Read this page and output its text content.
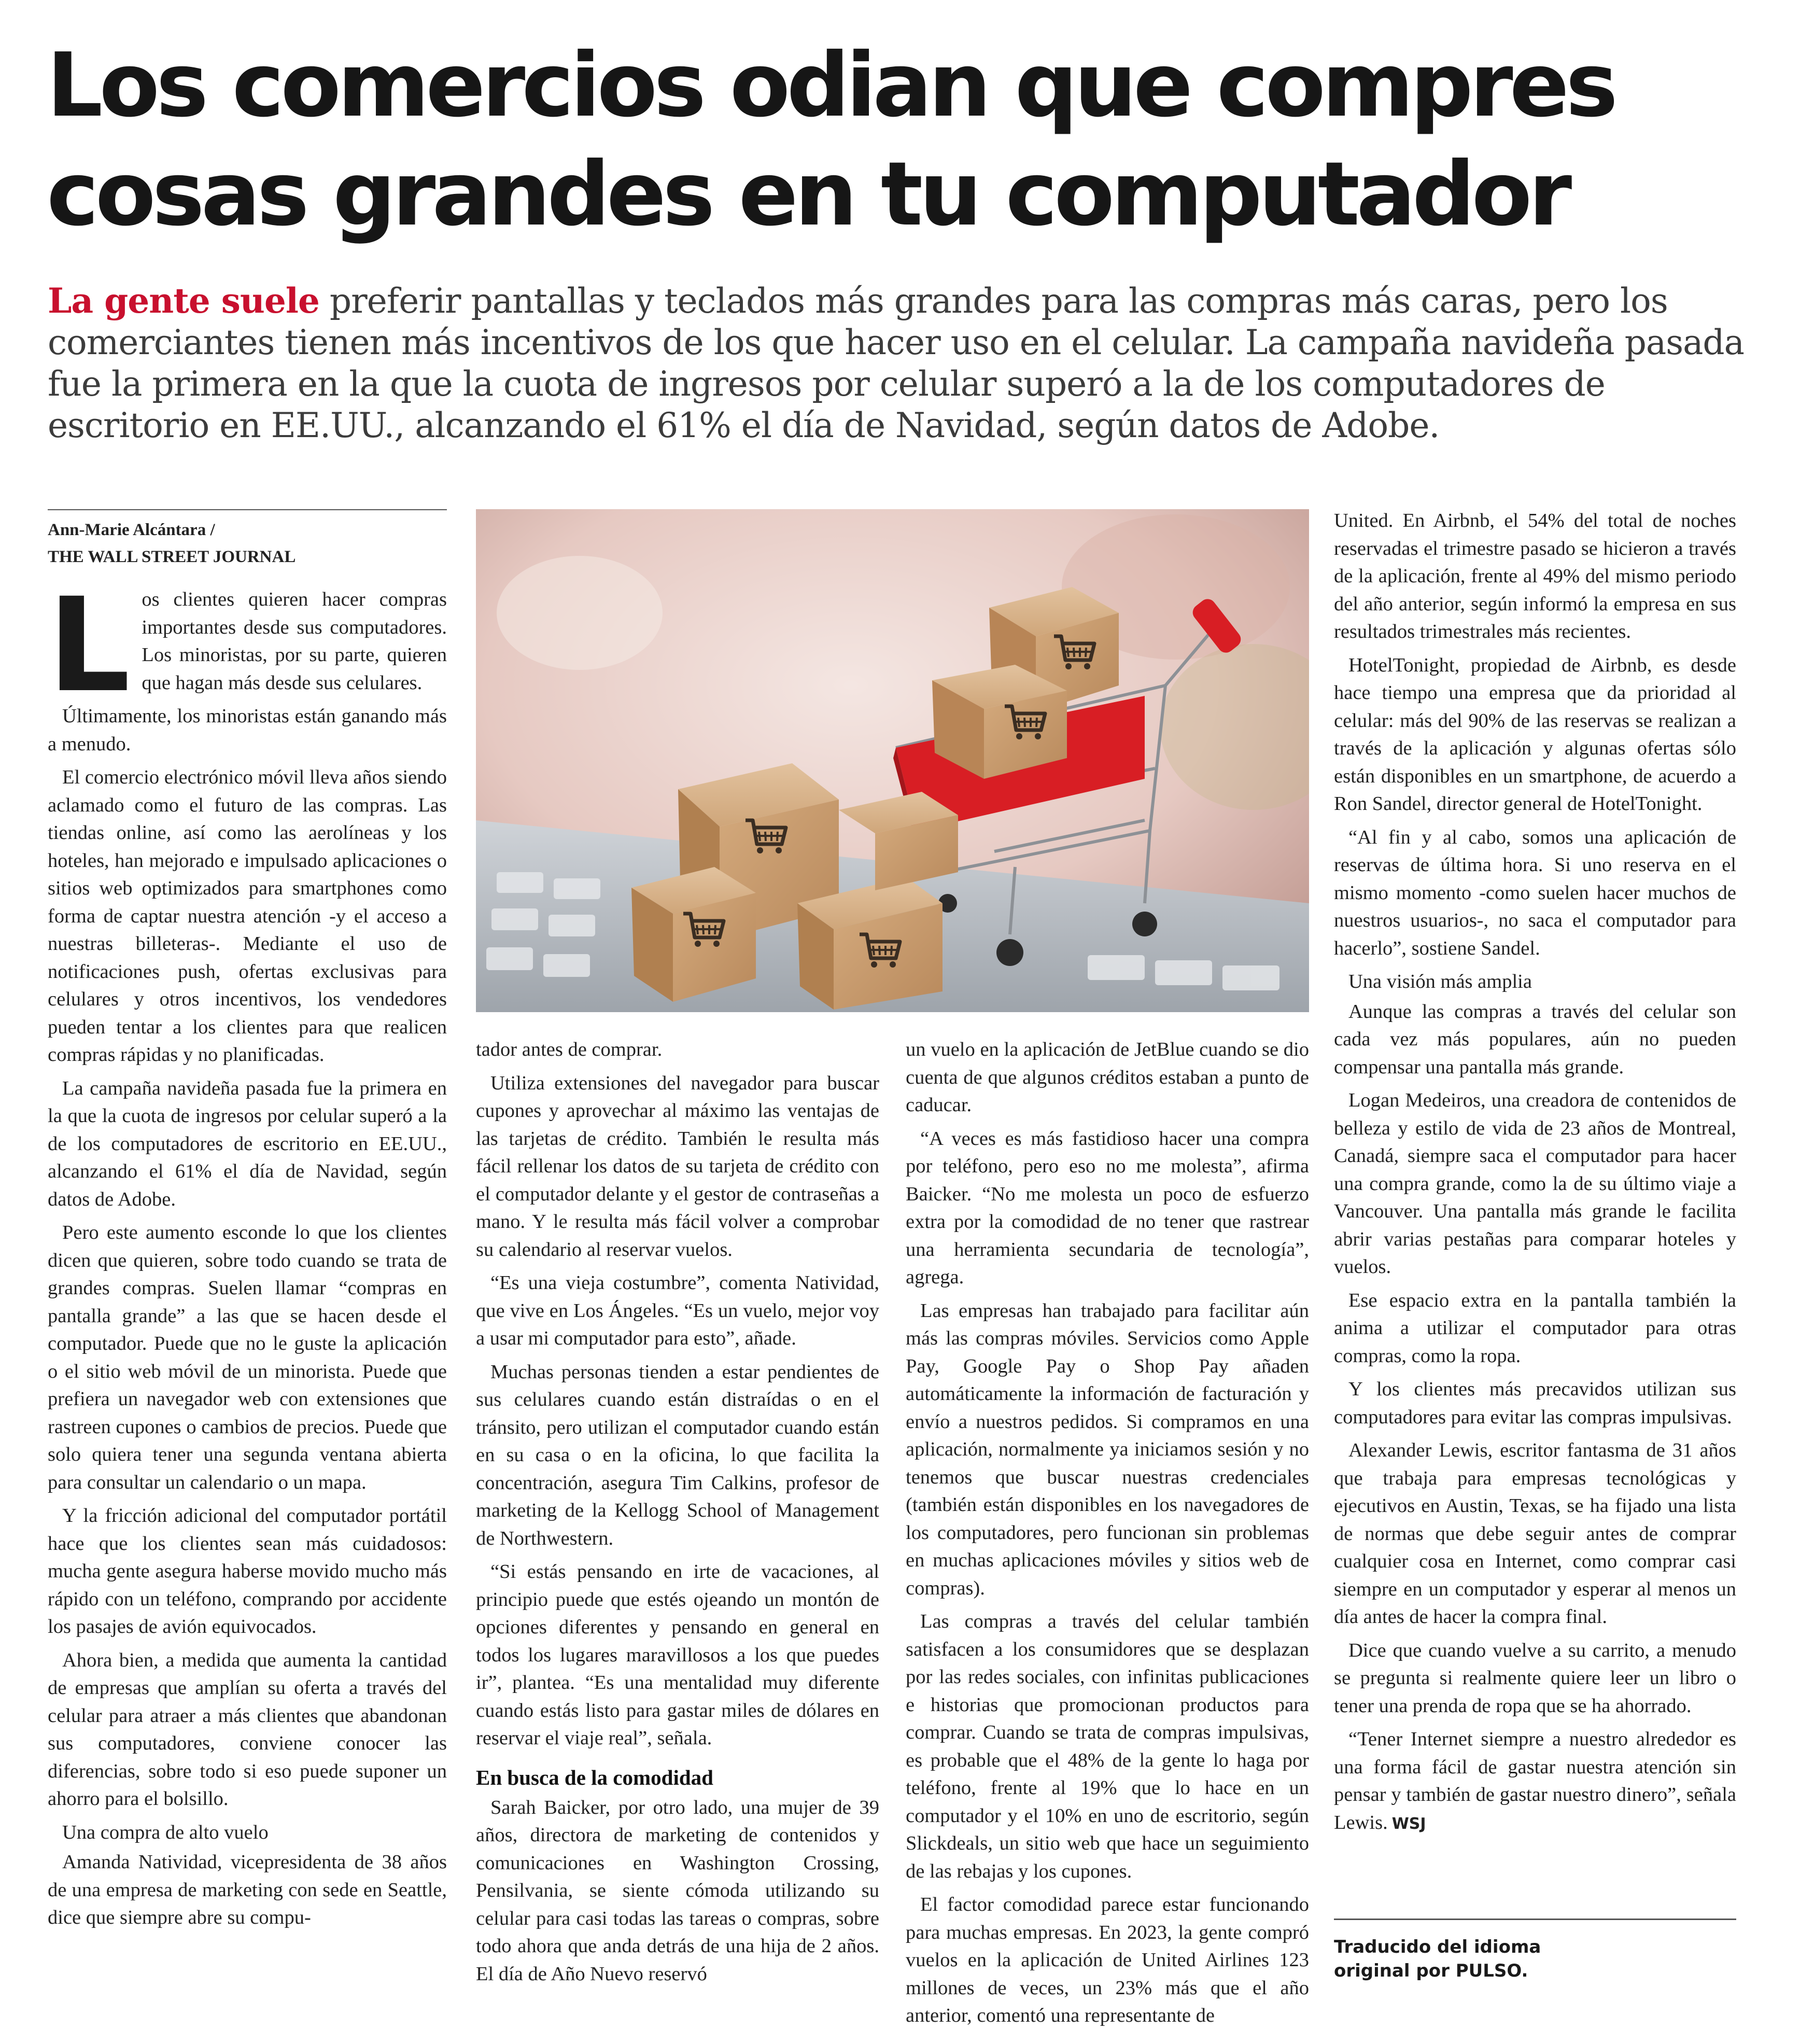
Los comercios odian que compres
cosas grandes en tu computador

La gente suele preferir pantallas y teclados más grandes para las compras más caras, pero los comerciantes tienen más incentivos de los que hacer uso en el celular. La campaña navideña pasada fue la primera en la que la cuota de ingresos por celular superó a la de los computadores de escritorio en EE.UU., alcanzando el 61% el día de Navidad, según datos de Adobe.

Ann-Marie Alcántara /
THE WALL STREET JOURNAL

Los clientes quieren hacer compras importantes desde sus computadores. Los minoristas, por su parte, quieren que hagan más desde sus celulares.

Últimamente, los minoristas están ganando más a menudo.

El comercio electrónico móvil lleva años siendo aclamado como el futuro de las compras. Las tiendas online, así como las aerolíneas y los hoteles, han mejorado e impulsado aplicaciones o sitios web optimizados para smartphones como forma de captar nuestra atención -y el acceso a nuestras billeteras-. Mediante el uso de notificaciones push, ofertas exclusivas para celulares y otros incentivos, los vendedores pueden tentar a los clientes para que realicen compras rápidas y no planificadas.

La campaña navideña pasada fue la primera en la que la cuota de ingresos por celular superó a la de los computadores de escritorio en EE.UU., alcanzando el 61% el día de Navidad, según datos de Adobe.

Pero este aumento esconde lo que los clientes dicen que quieren, sobre todo cuando se trata de grandes compras. Suelen llamar “compras en pantalla grande” a las que se hacen desde el computador. Puede que no le guste la aplicación o el sitio web móvil de un minorista. Puede que prefiera un navegador web con extensiones que rastreen cupones o cambios de precios. Puede que solo quiera tener una segunda ventana abierta para consultar un calendario o un mapa.

Y la fricción adicional del computador portátil hace que los clientes sean más cuidadosos: mucha gente asegura haberse movido mucho más rápido con un teléfono, comprando por accidente los pasajes de avión equivocados.

Ahora bien, a medida que aumenta la cantidad de empresas que amplían su oferta a través del celular para atraer a más clientes que abandonan sus computadores, conviene conocer las diferencias, sobre todo si eso puede suponer un ahorro para el bolsillo.

Una compra de alto vuelo

Amanda Natividad, vicepresidenta de 38 años de una empresa de marketing con sede en Seattle, dice que siempre abre su compu-

tador antes de comprar.

Utiliza extensiones del navegador para buscar cupones y aprovechar al máximo las ventajas de las tarjetas de crédito. También le resulta más fácil rellenar los datos de su tarjeta de crédito con el computador delante y el gestor de contraseñas a mano. Y le resulta más fácil volver a comprobar su calendario al reservar vuelos.

“Es una vieja costumbre”, comenta Natividad, que vive en Los Ángeles. “Es un vuelo, mejor voy a usar mi computador para esto”, añade.

Muchas personas tienden a estar pendientes de sus celulares cuando están distraídas o en el tránsito, pero utilizan el computador cuando están en su casa o en la oficina, lo que facilita la concentración, asegura Tim Calkins, profesor de marketing de la Kellogg School of Management de Northwestern.

“Si estás pensando en irte de vacaciones, al principio puede que estés ojeando un montón de opciones diferentes y pensando en general en todos los lugares maravillosos a los que puedes ir”, plantea. “Es una mentalidad muy diferente cuando estás listo para gastar miles de dólares en reservar el viaje real”, señala.

En busca de la comodidad

Sarah Baicker, por otro lado, una mujer de 39 años, directora de marketing de contenidos y comunicaciones en Washington Crossing, Pensilvania, se siente cómoda utilizando su celular para casi todas las tareas o compras, sobre todo ahora que anda detrás de una hija de 2 años. El día de Año Nuevo reservó

un vuelo en la aplicación de JetBlue cuando se dio cuenta de que algunos créditos estaban a punto de caducar.

“A veces es más fastidioso hacer una compra por teléfono, pero eso no me molesta”, afirma Baicker. “No me molesta un poco de esfuerzo extra por la comodidad de no tener que rastrear una herramienta secundaria de tecnología”, agrega.

Las empresas han trabajado para facilitar aún más las compras móviles. Servicios como Apple Pay, Google Pay o Shop Pay añaden automáticamente la información de facturación y envío a nuestros pedidos. Si compramos en una aplicación, normalmente ya iniciamos sesión y no tenemos que buscar nuestras credenciales (también están disponibles en los navegadores de los computadores, pero funcionan sin problemas en muchas aplicaciones móviles y sitios web de compras).

Las compras a través del celular también satisfacen a los consumidores que se desplazan por las redes sociales, con infinitas publicaciones e historias que promocionan productos para comprar. Cuando se trata de compras impulsivas, es probable que el 48% de la gente lo haga por teléfono, frente al 19% que lo hace en un computador y el 10% en uno de escritorio, según Slickdeals, un sitio web que hace un seguimiento de las rebajas y los cupones.

El factor comodidad parece estar funcionando para muchas empresas. En 2023, la gente compró vuelos en la aplicación de United Airlines 123 millones de veces, un 23% más que el año anterior, comentó una representante de

United. En Airbnb, el 54% del total de noches reservadas el trimestre pasado se hicieron a través de la aplicación, frente al 49% del mismo periodo del año anterior, según informó la empresa en sus resultados trimestrales más recientes.

HotelTonight, propiedad de Airbnb, es desde hace tiempo una empresa que da prioridad al celular: más del 90% de las reservas se realizan a través de la aplicación y algunas ofertas sólo están disponibles en un smartphone, de acuerdo a Ron Sandel, director general de HotelTonight.

“Al fin y al cabo, somos una aplicación de reservas de última hora. Si uno reserva en el mismo momento -como suelen hacer muchos de nuestros usuarios-, no saca el computador para hacerlo”, sostiene Sandel.

Una visión más amplia

Aunque las compras a través del celular son cada vez más populares, aún no pueden compensar una pantalla más grande.

Logan Medeiros, una creadora de contenidos de belleza y estilo de vida de 23 años de Montreal, Canadá, siempre saca el computador para hacer una compra grande, como la de su último viaje a Vancouver. Una pantalla más grande le facilita abrir varias pestañas para comparar hoteles y vuelos.

Ese espacio extra en la pantalla también la anima a utilizar el computador para otras compras, como la ropa.

Y los clientes más precavidos utilizan sus computadores para evitar las compras impulsivas.

Alexander Lewis, escritor fantasma de 31 años que trabaja para empresas tecnológicas y ejecutivos en Austin, Texas, se ha fijado una lista de normas que debe seguir antes de comprar cualquier cosa en Internet, como comprar casi siempre en un computador y esperar al menos un día antes de hacer la compra final.

Dice que cuando vuelve a su carrito, a menudo se pregunta si realmente quiere leer un libro o tener una prenda de ropa que se ha ahorrado.

“Tener Internet siempre a nuestro alrededor es una forma fácil de gastar nuestra atención sin pensar y también de gastar nuestro dinero”, señala Lewis. WSJ

Traducido del idioma
original por PULSO.
